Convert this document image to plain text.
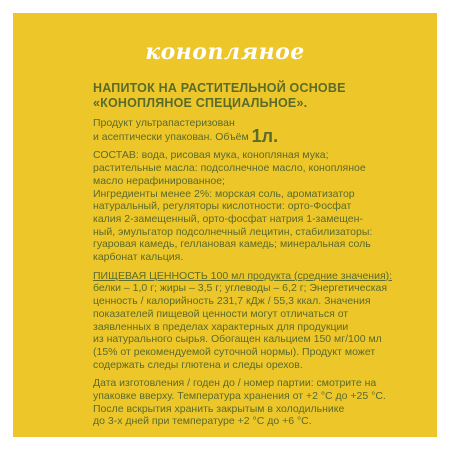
конопляное
НАПИТОК НА РАСТИТЕЛЬНОЙ ОСНОВЕ
«КОНОПЛЯНОЕ СПЕЦИАЛЬНОЕ».
Продукт ультрапастеризован
и асептически упакован. Объём 1л.
СОСТАВ: вода, рисовая мука, конопляная мука;
растительные масла: подсолнечное масло, конопляное
масло нерафинированное;
Ингредиенты менее 2%: морская соль, ароматизатор
натуральный, регуляторы кислотности: орто-Фосфат
калия 2-замещенный, орто-фосфат натрия 1-замещен-
ный, эмульгатор подсолнечный лецитин, стабилизаторы:
гуаровая камедь, геллановая камедь; минеральная соль
карбонат кальция.
ПИЩЕВАЯ ЦЕННОСТЬ 100 мл продукта (средние значения):
белки – 1,0 г; жиры – 3,5 г; углеводы – 6,2 г; Энергетическая
ценность / калорийность 231,7 кДж / 55,3 ккал. Значения
показателей пищевой ценности могут отличаться от
заявленных в пределах характерных для продукции
из натурального сырья. Обогащен кальцием 150 мг/100 мл
(15% от рекомендуемой суточной нормы). Продукт может
содержать следы глютена и следы орехов.
Дата изготовления / годен до / номер партии: смотрите на
упаковке вверху. Температура хранения от +2 °С до +25 °С.
После вскрытия хранить закрытым в холодильнике
до 3-х дней при температуре +2 °С до +6 °С.
